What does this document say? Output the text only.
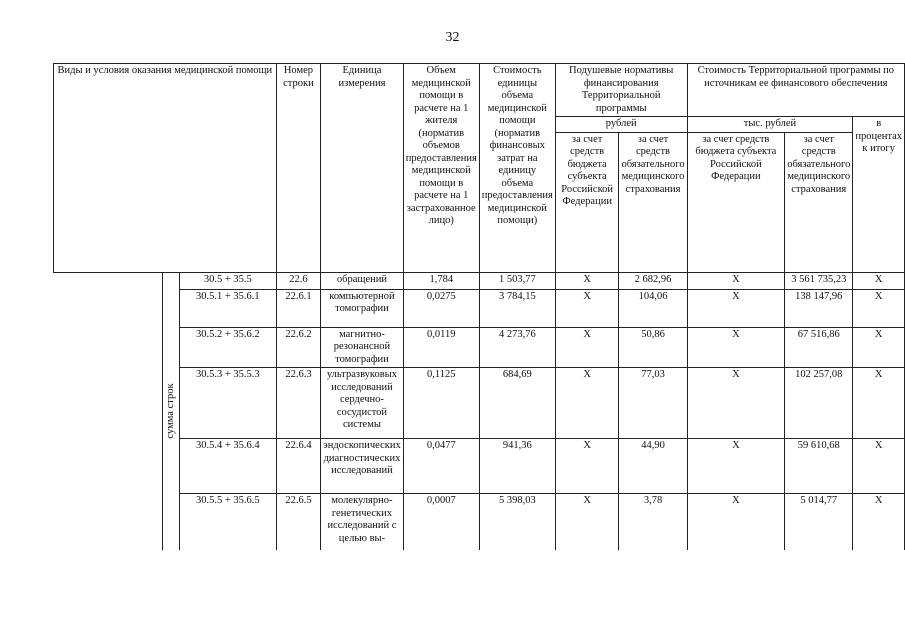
32
Виды и условия оказания медицинской помощи			Номер строки	Единица измерения	Объем медицинской помощи в расчете на 1 жителя (норматив объемов предоставления медицинской помощи в расчете на 1 застрахованное лицо)	Стоимость единицы объема медицинской помощи (норматив финансовых затрат на единицу объема предоставления медицинской помощи)	Подушевые нормативы финансирования Территориальной программы		Стоимость Территориальной программы по источникам ее финансового обеспечения		
							рублей		тыс. рублей		в процентах к итогу
							за счет средств бюджета субъекта Российской Федерации	за счет средств обязательного медицинского страхования	за счет средств бюджета субъекта Российской Федерации	за счет средств обязательного медицинского страхования	

	сумма строк	30.5 + 35.5	22.6	обращений	1,784	1 503,77	X	2 682,96	X	3 561 735,23	X
		30.5.1 + 35.6.1	22.6.1	компьютерной томографии	0,0275	3 784,15	X	104,06	X	138 147,96	X
		30.5.2 + 35.6.2	22.6.2	магнитно-резонансной томографии	0,0119	4 273,76	X	50,86	X	67 516,86	X
		30.5.3 + 35.5.3	22.6.3	ультразвуковых исследований сердечно-сосудистой системы	0,1125	684,69	X	77,03	X	102 257,08	X
		30.5.4 + 35.6.4	22.6.4	эндоскопических диагностических исследований	0,0477	941,36	X	44,90	X	59 610,68	X
		30.5.5 + 35.6.5	22.6.5	молекулярно-генетических исследований с целью вы-	0,0007	5 398,03	X	3,78	X	5 014,77	X
